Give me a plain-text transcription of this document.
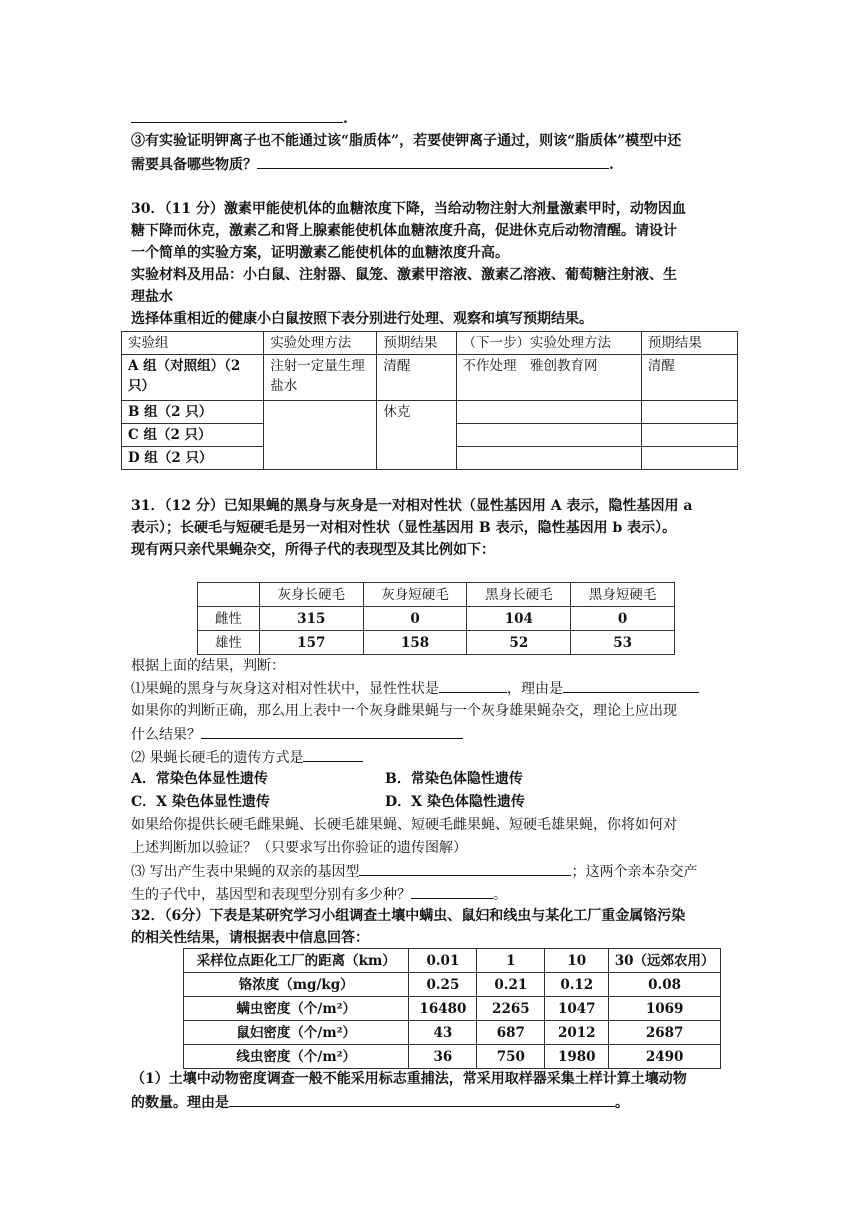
.
③有实验证明钾离子也不能通过该“脂质体”，若要使钾离子通过，则该“脂质体”模型中还
需要具备哪些物质？	.
30．（11 分）激素甲能使机体的血糖浓度下降，当给动物注射大剂量激素甲时，动物因血
糖下降而休克，激素乙和肾上腺素能使机体血糖浓度升高，促进休克后动物清醒。请设计
一个简单的实验方案，证明激素乙能使机体的血糖浓度升高。
实验材料及用品：小白鼠、注射器、鼠笼、激素甲溶液、激素乙溶液、葡萄糖注射液、生
理盐水
选择体重相近的健康小白鼠按照下表分别进行处理、观察和填写预期结果。
实验组	实验处理方法	预期结果	（下一步）实验处理方法	预期结果
A 组（对照组）（2 只）	注射一定量生理盐水	清醒	不作处理　雅创教育网	清醒
B 组（2 只）		休克		
C 组（2 只）				
D 组（2 只）				
31．（12 分）已知果蝇的黑身与灰身是一对相对性状（显性基因用 A 表示，隐性基因用 a
表示）；长硬毛与短硬毛是另一对相对性状（显性基因用 B 表示，隐性基因用 b 表示）。
现有两只亲代果蝇杂交，所得子代的表现型及其比例如下：
	灰身长硬毛	灰身短硬毛	黑身长硬毛	黑身短硬毛
雌性	315	0	104	0
雄性	157	158	52	53
根据上面的结果，判断：
⑴果蝇的黑身与灰身这对相对性状中，显性性状是	，理由是
如果你的判断正确，那么用上表中一个灰身雌果蝇与一个灰身雄果蝇杂交，理论上应出现
什么结果？
⑵ 果蝇长硬毛的遗传方式是
A．常染色体显性遗传	B．常染色体隐性遗传
C．X 染色体显性遗传	D．X 染色体隐性遗传
如果给你提供长硬毛雌果蝇、长硬毛雄果蝇、短硬毛雌果蝇、短硬毛雄果蝇，你将如何对
上述判断加以验证？（只要求写出你验证的遗传图解）
⑶ 写出产生表中果蝇的双亲的基因型	；这两个亲本杂交产
生的子代中，基因型和表现型分别有多少种？	。
32．（6分）下表是某研究学习小组调查土壤中螨虫、鼠妇和线虫与某化工厂重金属铬污染
的相关性结果，请根据表中信息回答：
采样位点距化工厂的距离（km）	0.01	1	10	30（远郊农用）
铬浓度（mg/kg）	0.25	0.21	0.12	0.08
螨虫密度（个/m²）	16480	2265	1047	1069
鼠妇密度（个/m²）	43	687	2012	2687
线虫密度（个/m²）	36	750	1980	2490
（1）土壤中动物密度调查一般不能采用标志重捕法，常采用取样器采集土样计算土壤动物
的数量。理由是	。
